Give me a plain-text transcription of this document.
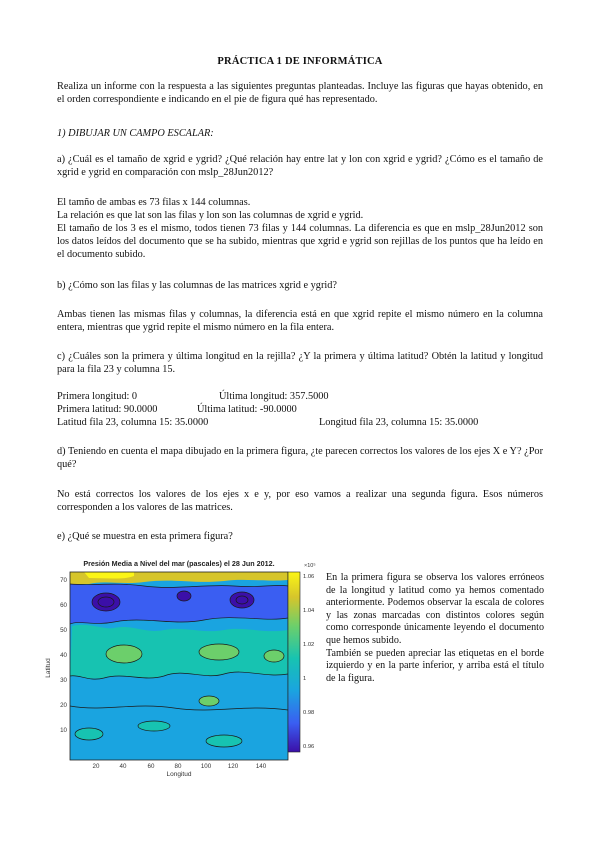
PRÁCTICA 1 DE INFORMÁTICA
Realiza un informe con la respuesta a las siguientes preguntas planteadas. Incluye las figuras que hayas obtenido, en el orden correspondiente e indicando en el pie de figura qué has representado.
1) DIBUJAR UN CAMPO ESCALAR:
a) ¿Cuál es el tamaño de xgrid e ygrid? ¿Qué relación hay entre lat y lon con xgrid e ygrid? ¿Cómo es el tamaño de xgrid e ygrid en comparación con mslp_28Jun2012?
El tamño de ambas es 73 filas x 144 columnas.
La relación es que lat son las filas y lon son las columnas de xgrid e ygrid.
El tamaño de los 3 es el mismo, todos tienen 73 filas y 144 columnas. La diferencia es que en mslp_28Jun2012 son los datos leídos del documento que se ha subido, mientras que xgrid e ygrid son rejillas de los puntos que ha leído en el documento subido.
b) ¿Cómo son las filas y las columnas de las matrices xgrid e ygrid?
Ambas tienen las mismas filas y columnas, la diferencia está en que xgrid repite el mismo número en la columna entera, mientras que ygrid repite el mismo número en la fila entera.
c) ¿Cuáles son la primera y última longitud en la rejilla? ¿Y la primera y última latitud? Obtén la latitud y longitud para la fila 23 y columna 15.
Primera longitud: 0	Última longitud: 357.5000
Primera latitud: 90.0000	Última latitud: -90.0000
Latitud fila 23, columna 15: 35.0000	Longitud fila 23, columna 15: 35.0000
d) Teniendo en cuenta el mapa dibujado en la primera figura, ¿te parecen correctos los valores de los ejes X e Y? ¿Por qué?
No está correctos los valores de los ejes x e y, por eso vamos a realizar una segunda figura. Esos números corresponden a los valores de las matrices.
e) ¿Qué se muestra en esta primera figura?
Presión Media a Nivel del mar (pascales) el 28 Jun 2012.
70
60
50
40
30
20
10
Latitud
20	40	60	80	100	120	140
Longitud
×10⁵
1.06
1.04
1.02
1
0.98
0.96
En la primera figura se observa los valores erróneos de la longitud y latitud como ya hemos comentado anteriormente. Podemos observar la escala de colores y las zonas marcadas con distintos colores según como corresponde únicamente leyendo el documento que hemos subido.
También se pueden apreciar las etiquetas en el borde izquierdo y en la parte inferior, y arriba está el título de la figura.
